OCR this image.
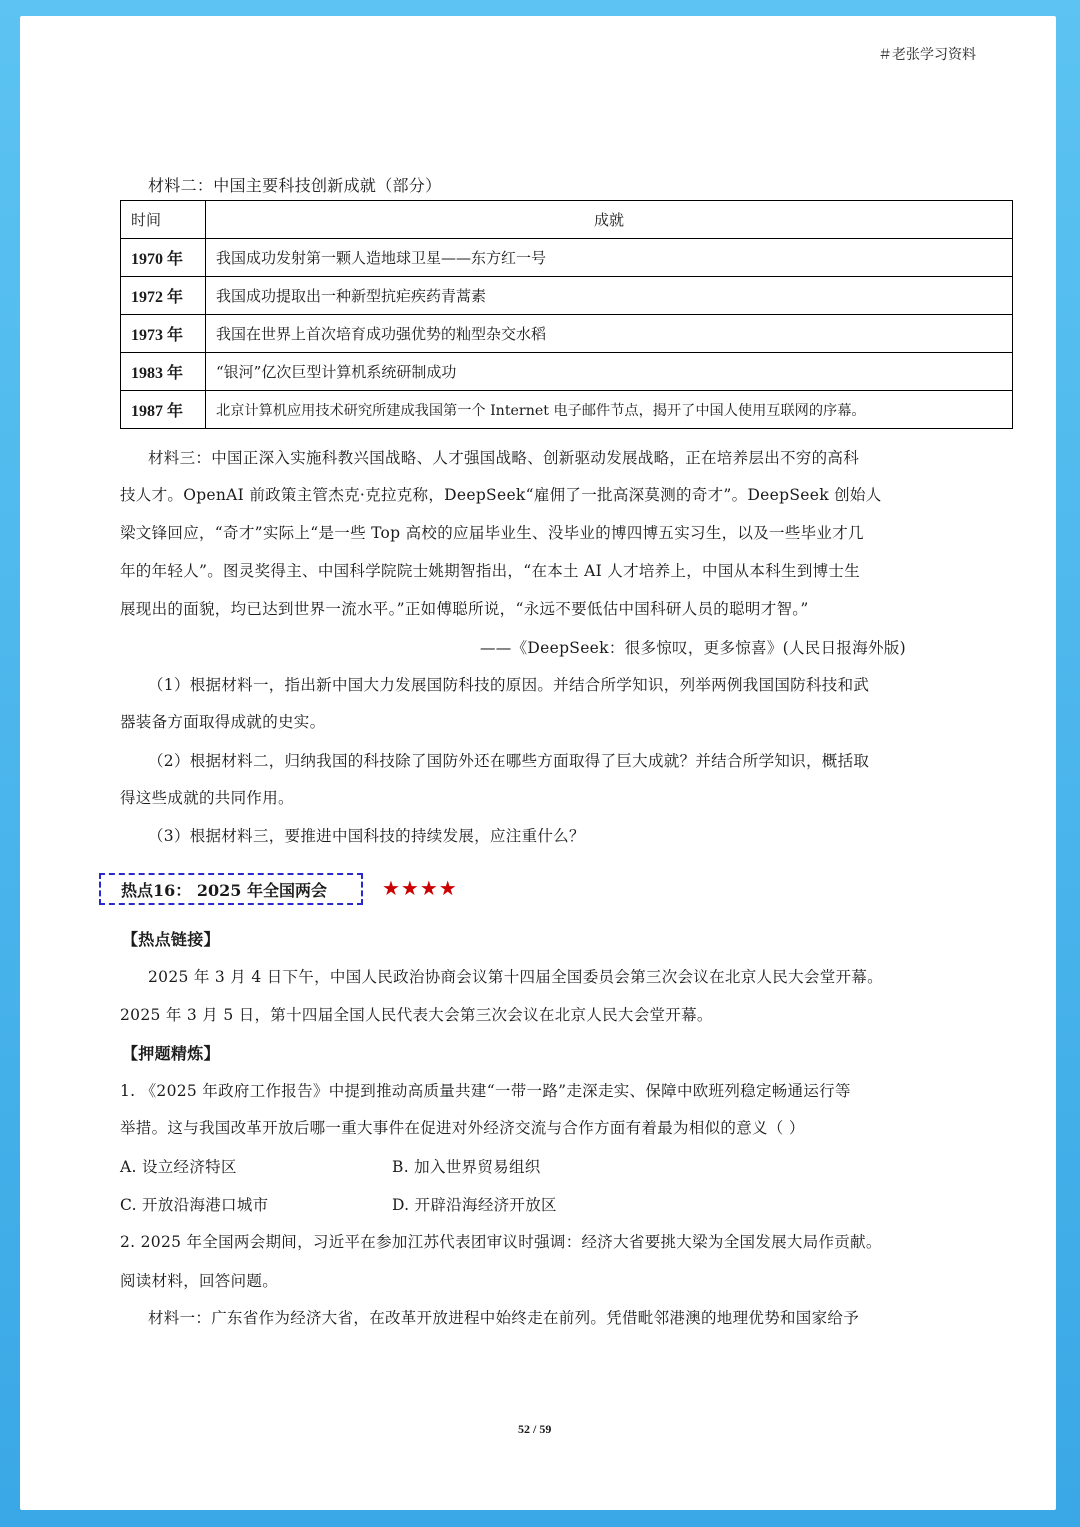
＃老张学习资料
材料二：中国主要科技创新成就（部分）
时间	成就
1970 年	我国成功发射第一颗人造地球卫星——东方红一号
1972 年	我国成功提取出一种新型抗疟疾药青蒿素
1973 年	我国在世界上首次培育成功强优势的籼型杂交水稻
1983 年	“银河”亿次巨型计算机系统研制成功
1987 年	北京计算机应用技术研究所建成我国第一个 Internet 电子邮件节点，揭开了中国人使用互联网的序幕。
材料三：中国正深入实施科教兴国战略、人才强国战略、创新驱动发展战略，正在培养层出不穷的高科
技人才。OpenAI 前政策主管杰克·克拉克称，DeepSeek“雇佣了一批高深莫测的奇才”。DeepSeek 创始人
梁文锋回应，“奇才”实际上“是一些 Top 高校的应届毕业生、没毕业的博四博五实习生，以及一些毕业才几
年的年轻人”。图灵奖得主、中国科学院院士姚期智指出，“在本土 AI 人才培养上，中国从本科生到博士生
展现出的面貌，均已达到世界一流水平。”正如傅聪所说，“永远不要低估中国科研人员的聪明才智。”
——《DeepSeek：很多惊叹，更多惊喜》(人民日报海外版)
（1）根据材料一，指出新中国大力发展国防科技的原因。并结合所学知识，列举两例我国国防科技和武
器装备方面取得成就的史实。
（2）根据材料二，归纳我国的科技除了国防外还在哪些方面取得了巨大成就？并结合所学知识，概括取
得这些成就的共同作用。
（3）根据材料三，要推进中国科技的持续发展，应注重什么？
热点16： 2025 年全国两会	★★★★
【热点链接】
2025 年 3 月 4 日下午，中国人民政治协商会议第十四届全国委员会第三次会议在北京人民大会堂开幕。
2025 年 3 月 5 日，第十四届全国人民代表大会第三次会议在北京人民大会堂开幕。
【押题精炼】
1. 《2025 年政府工作报告》中提到推动高质量共建“一带一路”走深走实、保障中欧班列稳定畅通运行等
举措。这与我国改革开放后哪一重大事件在促进对外经济交流与合作方面有着最为相似的意义（ ）
A. 设立经济特区	B. 加入世界贸易组织
C. 开放沿海港口城市	D. 开辟沿海经济开放区
2. 2025 年全国两会期间，习近平在参加江苏代表团审议时强调：经济大省要挑大梁为全国发展大局作贡献。
阅读材料，回答问题。
材料一：广东省作为经济大省，在改革开放进程中始终走在前列。凭借毗邻港澳的地理优势和国家给予
52 / 59
